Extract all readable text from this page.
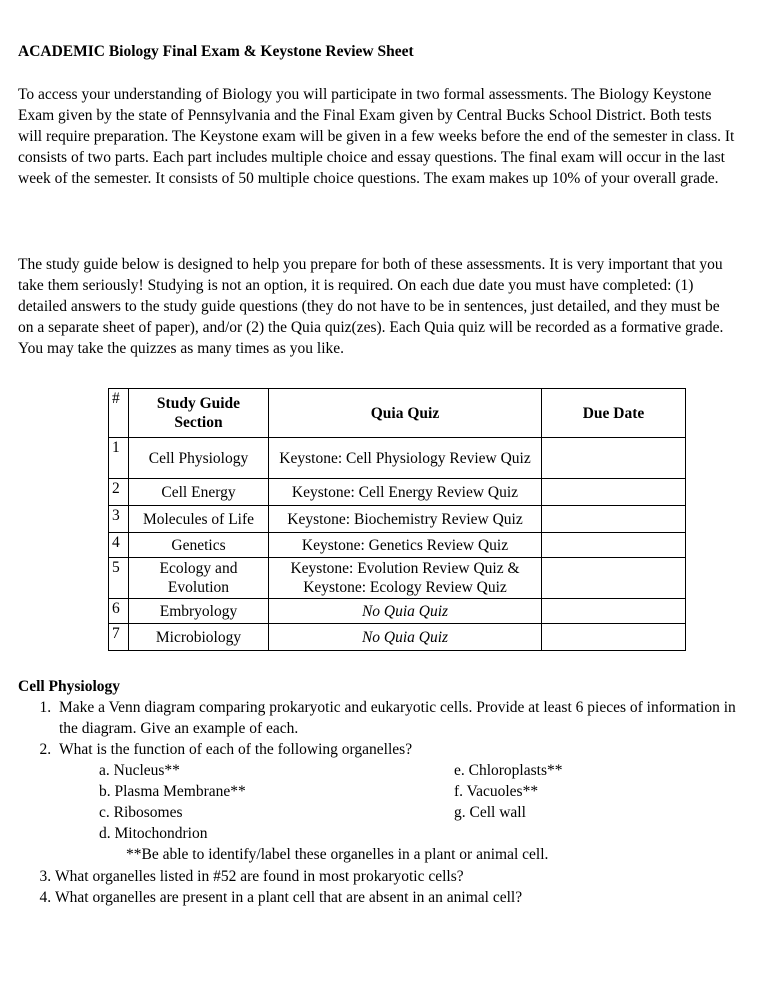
ACADEMIC Biology Final Exam & Keystone Review Sheet

To access your understanding of Biology you will participate in two formal assessments. The Biology Keystone Exam given by the state of Pennsylvania and the Final Exam given by Central Bucks School District. Both tests will require preparation. The Keystone exam will be given in a few weeks before the end of the semester in class. It consists of two parts. Each part includes multiple choice and essay questions. The final exam will occur in the last week of the semester. It consists of 50 multiple choice questions. The exam makes up 10% of your overall grade.

The study guide below is designed to help you prepare for both of these assessments. It is very important that you take them seriously! Studying is not an option, it is required. On each due date you must have completed: (1) detailed answers to the study guide questions (they do not have to be in sentences, just detailed, and they must be on a separate sheet of paper), and/or (2) the Quia quiz(zes). Each Quia quiz will be recorded as a formative grade. You may take the quizzes as many times as you like.

#	Study Guide Section	Quia Quiz	Due Date
1	Cell Physiology	Keystone: Cell Physiology Review Quiz	
2	Cell Energy	Keystone: Cell Energy Review Quiz	
3	Molecules of Life	Keystone: Biochemistry Review Quiz	
4	Genetics	Keystone: Genetics Review Quiz	
5	Ecology and Evolution	Keystone: Evolution Review Quiz & Keystone: Ecology Review Quiz	
6	Embryology	No Quia Quiz	
7	Microbiology	No Quia Quiz	
Cell Physiology
1. Make a Venn diagram comparing prokaryotic and eukaryotic cells. Provide at least 6 pieces of information in the diagram. Give an example of each.
2. What is the function of each of the following organelles?
a. Nucleus**	e. Chloroplasts**
b. Plasma Membrane**	f. Vacuoles**
c. Ribosomes	g. Cell wall
d. Mitochondrion
**Be able to identify/label these organelles in a plant or animal cell.
3. What organelles listed in #52 are found in most prokaryotic cells?
4. What organelles are present in a plant cell that are absent in an animal cell?
